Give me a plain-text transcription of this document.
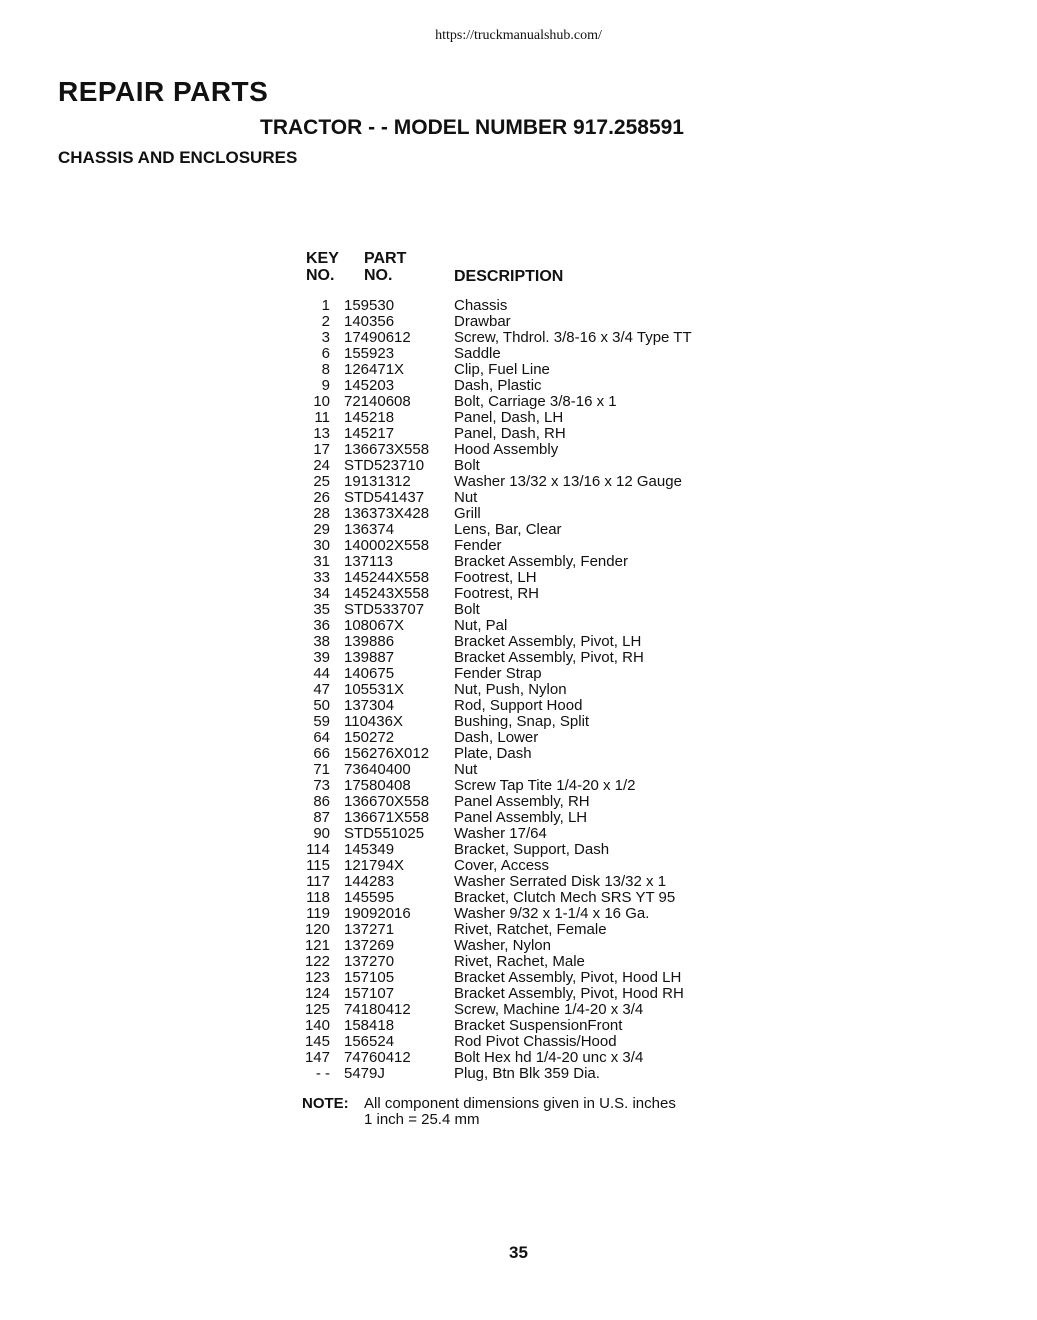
https://truckmanualshub.com/
REPAIR PARTS
TRACTOR - - MODEL NUMBER 917.258591
CHASSIS AND ENCLOSURES
KEY
NO.
PART
NO.	DESCRIPTION
1 159530	Chassis
2 140356	Drawbar
3 17490612	Screw, Thdrol. 3/8-16 x 3/4 Type TT
6 155923	Saddle
8 126471X	Clip, Fuel Line
9 145203	Dash, Plastic
10 72140608	Bolt, Carriage 3/8-16 x 1
11 145218	Panel, Dash, LH
13 145217	Panel, Dash, RH
17 136673X558 Hood Assembly
24 STD523710 Bolt
25 19131312	Washer 13/32 x 13/16 x 12 Gauge
26 STD541437 Nut
28 136373X428 Grill
29 136374	Lens, Bar, Clear
30 140002X558 Fender
31 137113	Bracket Assembly, Fender
33 145244X558 Footrest, LH
34 145243X558 Footrest, RH
35 STD533707 Bolt
36 108067X	Nut, Pal
38 139886	Bracket Assembly, Pivot, LH
39 139887	Bracket Assembly, Pivot, RH
44 140675	Fender Strap
47 105531X	Nut, Push, Nylon
50 137304	Rod, Support Hood
59 110436X	Bushing, Snap, Split
64 150272	Dash, Lower
66 156276X012 Plate, Dash
71 73640400	Nut
73 17580408	Screw Tap Tite 1/4-20 x 1/2
86 136670X558 Panel Assembly, RH
87 136671X558 Panel Assembly, LH
90 STD551025 Washer 17/64
114 145349	Bracket, Support, Dash
115 121794X	Cover, Access
117 144283	Washer Serrated Disk 13/32 x 1
118 145595	Bracket, Clutch Mech SRS YT 95
119 19092016	Washer 9/32 x 1-1/4 x 16 Ga.
120 137271	Rivet, Ratchet, Female
121 137269	Washer, Nylon
122 137270	Rivet, Rachet, Male
123 157105	Bracket Assembly, Pivot, Hood LH
124 157107	Bracket Assembly, Pivot, Hood RH
125 74180412	Screw, Machine 1/4-20 x 3/4
140 158418	Bracket SuspensionFront
145 156524	Rod Pivot Chassis/Hood
147 74760412	Bolt Hex hd 1/4-20 unc x 3/4
- - 5479J	Plug, Btn Blk 359 Dia.
NOTE: All component dimensions given in U.S. inches
1 inch = 25.4 mm
35
